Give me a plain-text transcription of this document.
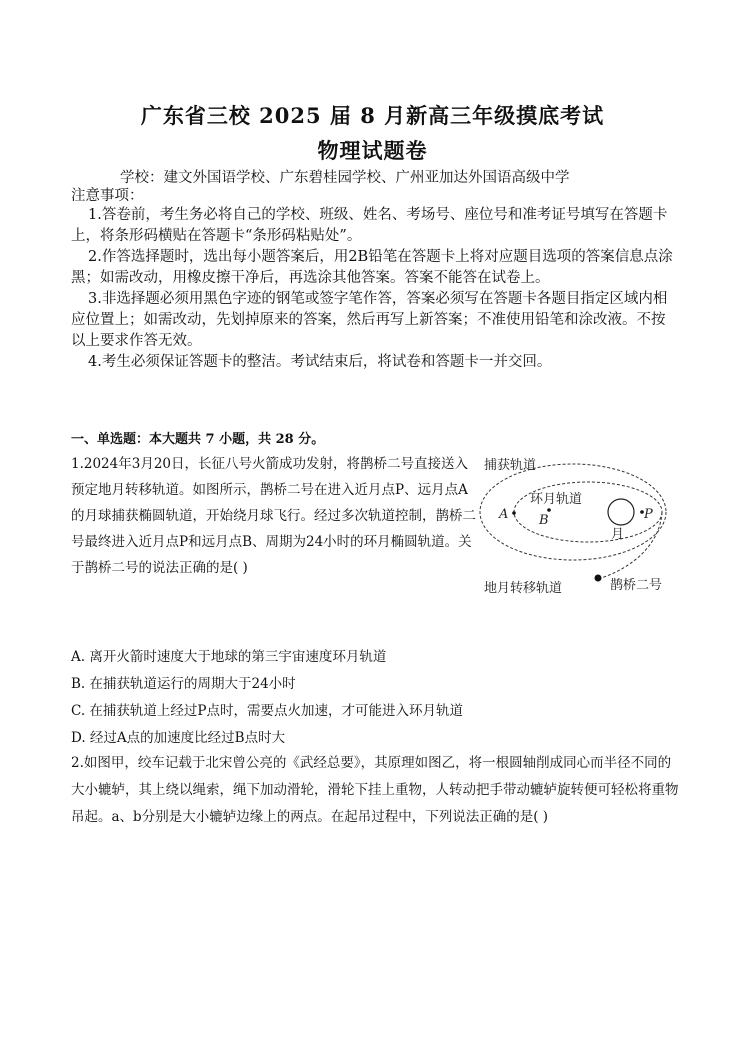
广东省三校 2025 届 8 月新高三年级摸底考试
物理试题卷
学校：建文外国语学校、广东碧桂园学校、广州亚加达外国语高级中学
注意事项：

1.答卷前，考生务必将自己的学校、班级、姓名、考场号、座位号和准考证号填写在答题卡上，将条形码横贴在答题卡“条形码粘贴处”。

2.作答选择题时，选出每小题答案后，用2B铅笔在答题卡上将对应题目选项的答案信息点涂黑；如需改动，用橡皮擦干净后，再选涂其他答案。答案不能答在试卷上。

3.非选择题必须用黑色字迹的钢笔或签字笔作答，答案必须写在答题卡各题目指定区域内相应位置上；如需改动，先划掉原来的答案，然后再写上新答案；不准使用铅笔和涂改液。不按以上要求作答无效。

4.考生必须保证答题卡的整洁。考试结束后，将试卷和答题卡一并交回。

一、单选题：本大题共 7 小题，共 28 分。

1.2024年3月20日，长征八号火箭成功发射，将鹊桥二号直接送入预定地月转移轨道。如图所示，鹊桥二号在进入近月点P、远月点A的月球捕获椭圆轨道，开始绕月球飞行。经过多次轨道控制，鹊桥二号最终进入近月点P和远月点B、周期为24小时的环月椭圆轨道。关于鹊桥二号的说法正确的是( )

捕获轨道
环月轨道
A B
月
P
地月转移轨道	鹊桥二号
A. 离开火箭时速度大于地球的第三宇宙速度环月轨道
B. 在捕获轨道运行的周期大于24小时
C. 在捕获轨道上经过P点时，需要点火加速，才可能进入环月轨道
D. 经过A点的加速度比经过B点时大

2.如图甲，绞车记载于北宋曾公亮的《武经总要》，其原理如图乙，将一根圆轴削成同心而半径不同的大小辘轳，其上绕以绳索，绳下加动滑轮，滑轮下挂上重物，人转动把手带动辘轳旋转便可轻松将重物吊起。a、b分别是大小辘轳边缘上的两点。在起吊过程中，下列说法正确的是( )
